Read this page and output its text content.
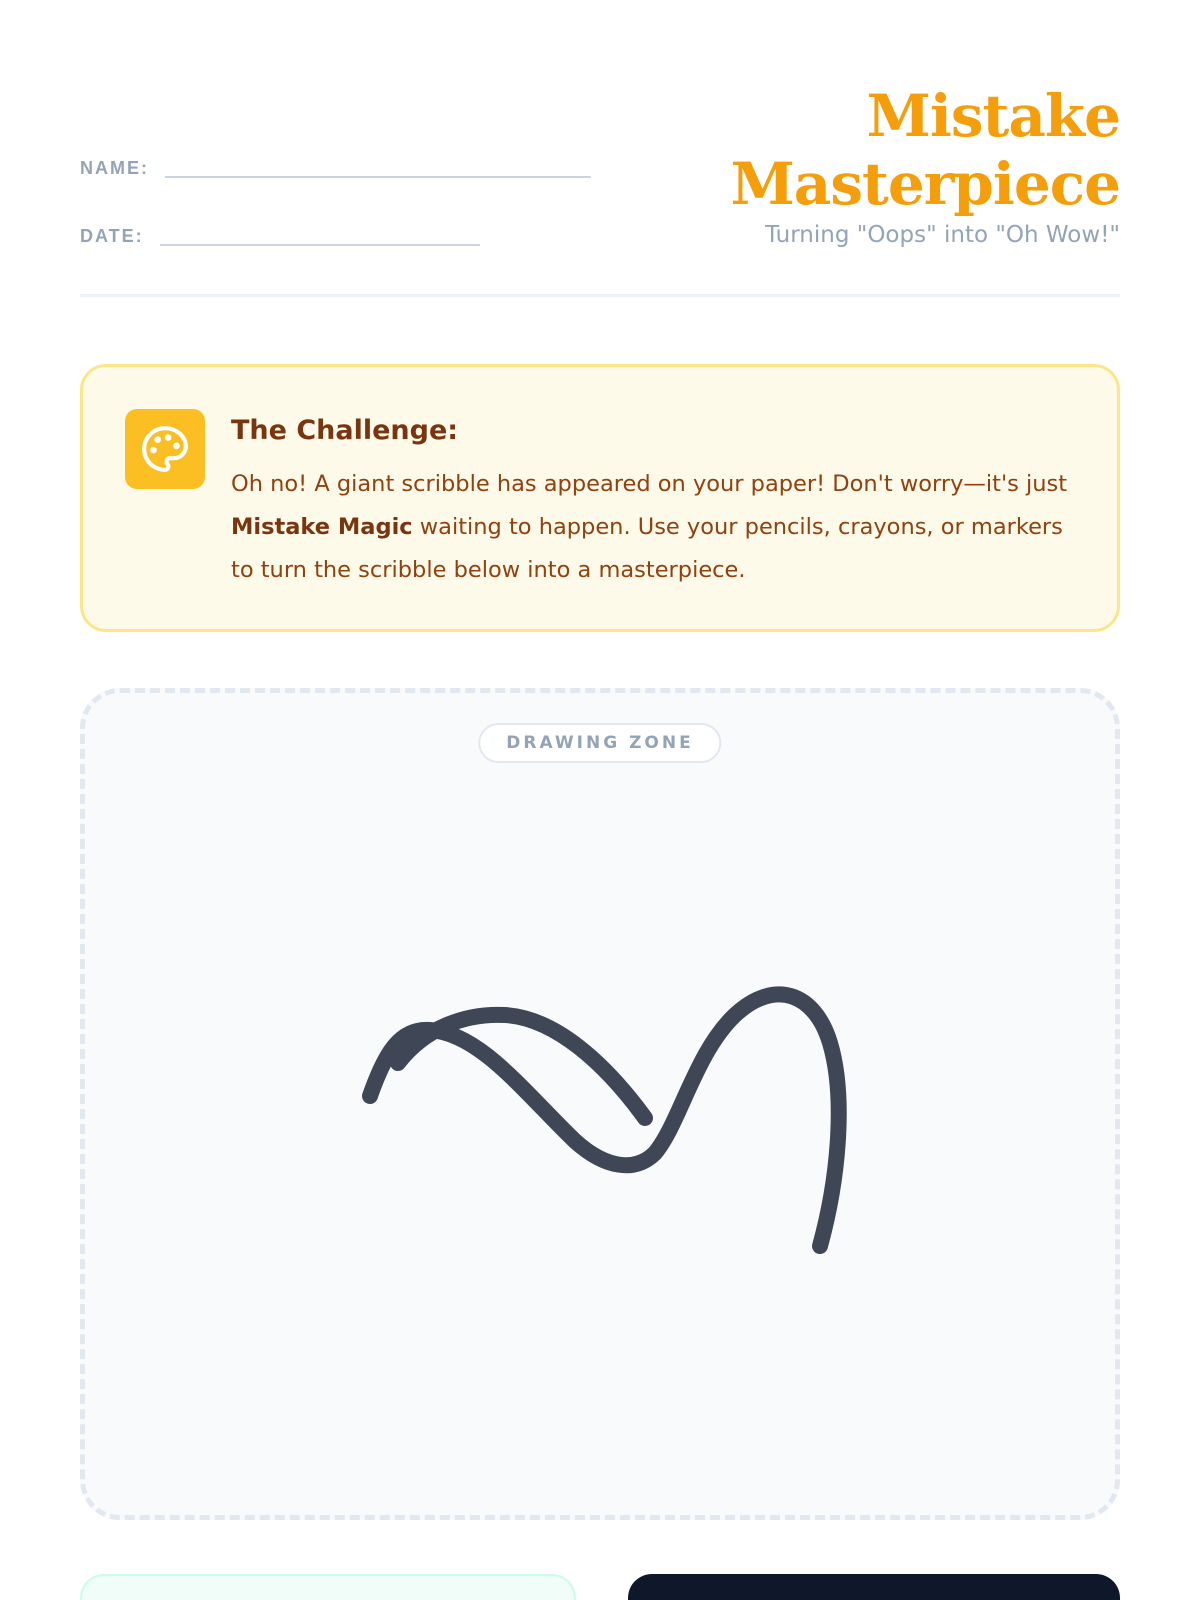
NAME:
DATE:
Mistake
Masterpiece
Turning "Oops" into "Oh Wow!"
The Challenge:
Oh no! A giant scribble has appeared on your paper! Don't worry—it's just Mistake Magic waiting to happen. Use your pencils, crayons, or markers to turn the scribble below into a masterpiece.
DRAWING ZONE
